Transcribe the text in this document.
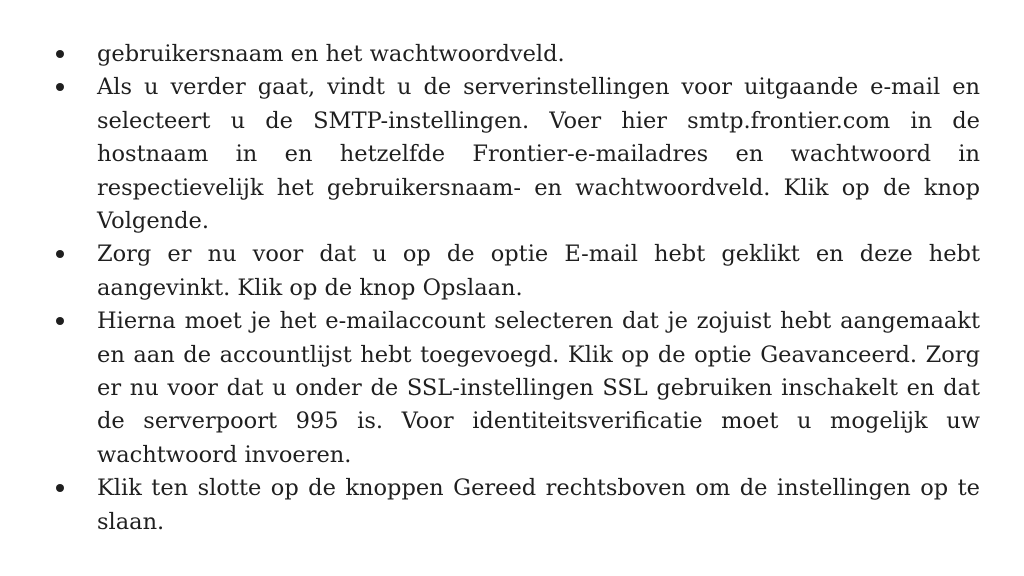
gebruikersnaam en het wachtwoordveld.
Als u verder gaat, vindt u de serverinstellingen voor uitgaande e-mail en selecteert u de SMTP-instellingen. Voer hier smtp.frontier.com in de hostnaam in en hetzelfde Frontier-e-mailadres en wachtwoord in respectievelijk het gebruikersnaam- en wachtwoordveld. Klik op de knop Volgende.
Zorg er nu voor dat u op de optie E-mail hebt geklikt en deze hebt aangevinkt. Klik op de knop Opslaan.
Hierna moet je het e-mailaccount selecteren dat je zojuist hebt aangemaakt en aan de accountlijst hebt toegevoegd. Klik op de optie Geavanceerd. Zorg er nu voor dat u onder de SSL-instellingen SSL gebruiken inschakelt en dat de serverpoort 995 is. Voor identiteitsverificatie moet u mogelijk uw wachtwoord invoeren.
Klik ten slotte op de knoppen Gereed rechtsboven om de instellingen op te slaan.
